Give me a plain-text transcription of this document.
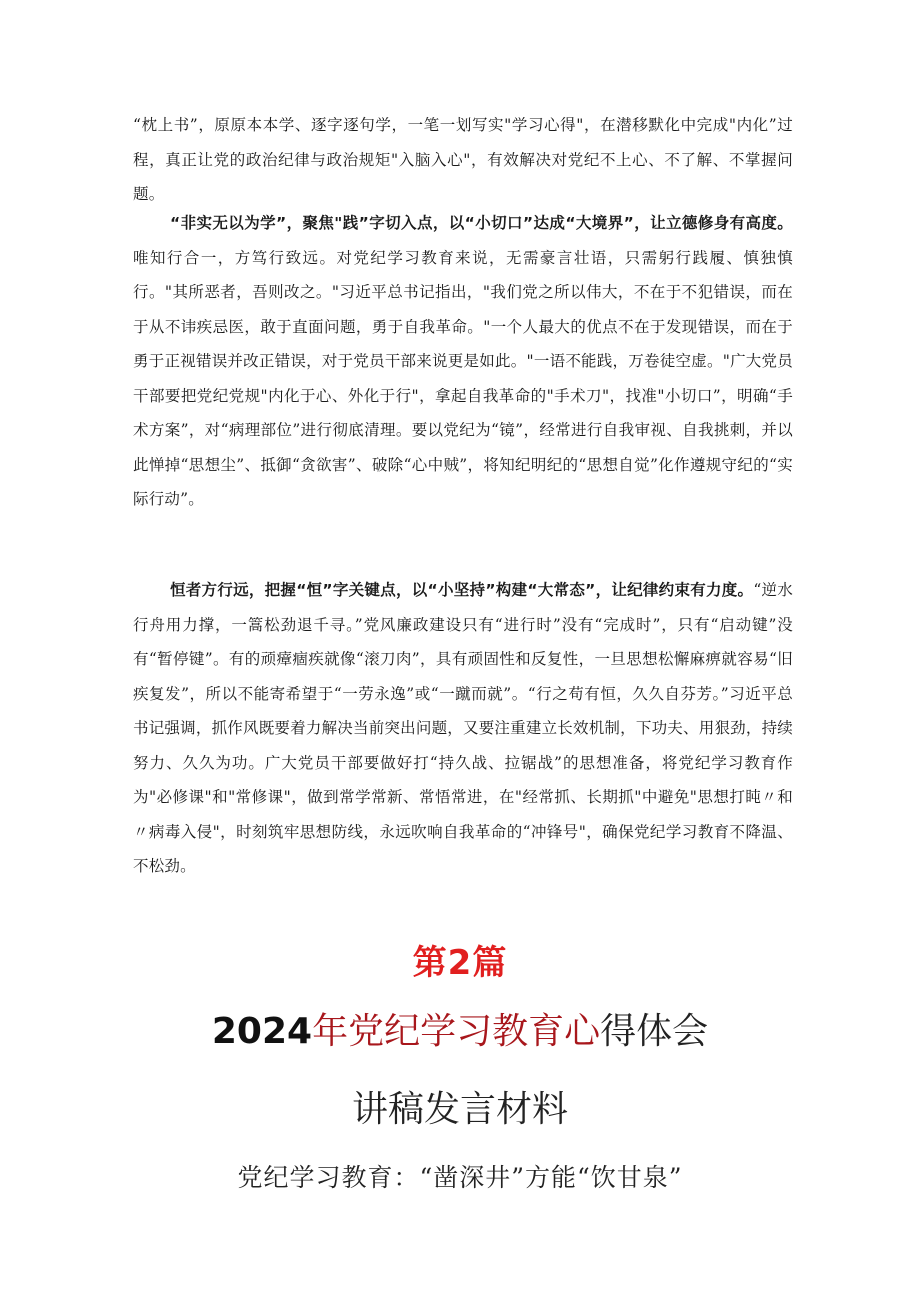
“枕上书”，原原本本学、逐字逐句学，一笔一划写实"学习心得"，在潜移默化中完成"内化”过程，真正让党的政治纪律与政治规矩"入脑入心"，有效解决对党纪不上心、不了解、不掌握问题。

“非实无以为学”，聚焦"践”字切入点，以“小切口”达成“大境界”，让立德修身有高度。唯知行合一，方笃行致远。对党纪学习教育来说，无需豪言壮语，只需躬行践履、慎独慎行。"其所恶者，吾则改之。"习近平总书记指出，"我们党之所以伟大，不在于不犯错误，而在于从不讳疾忌医，敢于直面问题，勇于自我革命。"一个人最大的优点不在于发现错误，而在于勇于正视错误并改正错误，对于党员干部来说更是如此。"一语不能践，万卷徒空虚。"广大党员干部要把党纪党规"内化于心、外化于行"，拿起自我革命的"手术刀"，找准"小切口”，明确“手术方案”，对“病理部位”进行彻底清理。要以党纪为“镜”，经常进行自我审视、自我挑刺，并以此惮掉“思想尘”、抵御“贪欲害”、破除“心中贼”，将知纪明纪的“思想自觉”化作遵规守纪的“实际行动”。

恒者方行远，把握“恒”字关键点，以“小坚持”构建“大常态”，让纪律约束有力度。“逆水行舟用力撑，一篙松劲退千寻。”党风廉政建设只有“进行时”没有“完成时”，只有“启动键”没有“暂停键”。有的顽瘴痼疾就像“滚刀肉”，具有顽固性和反复性，一旦思想松懈麻痹就容易“旧疾复发”，所以不能寄希望于“一劳永逸”或“一蹴而就”。“行之苟有恒，久久自芬芳。”习近平总书记强调，抓作风既要着力解决当前突出问题，又要注重建立长效机制，下功夫、用狠劲，持续努力、久久为功。广大党员干部要做好打“持久战、拉锯战”的思想准备，将党纪学习教育作为"必修课"和"常修课"，做到常学常新、常悟常进，在"经常抓、长期抓"中避免"思想打盹〃和〃病毒入侵"，时刻筑牢思想防线，永远吹响自我革命的“冲锋号"，确保党纪学习教育不降温、不松劲。

第2篇
2024年党纪学习教育心得体会
讲稿发言材料
党纪学习教育：“凿深井”方能“饮甘泉”
